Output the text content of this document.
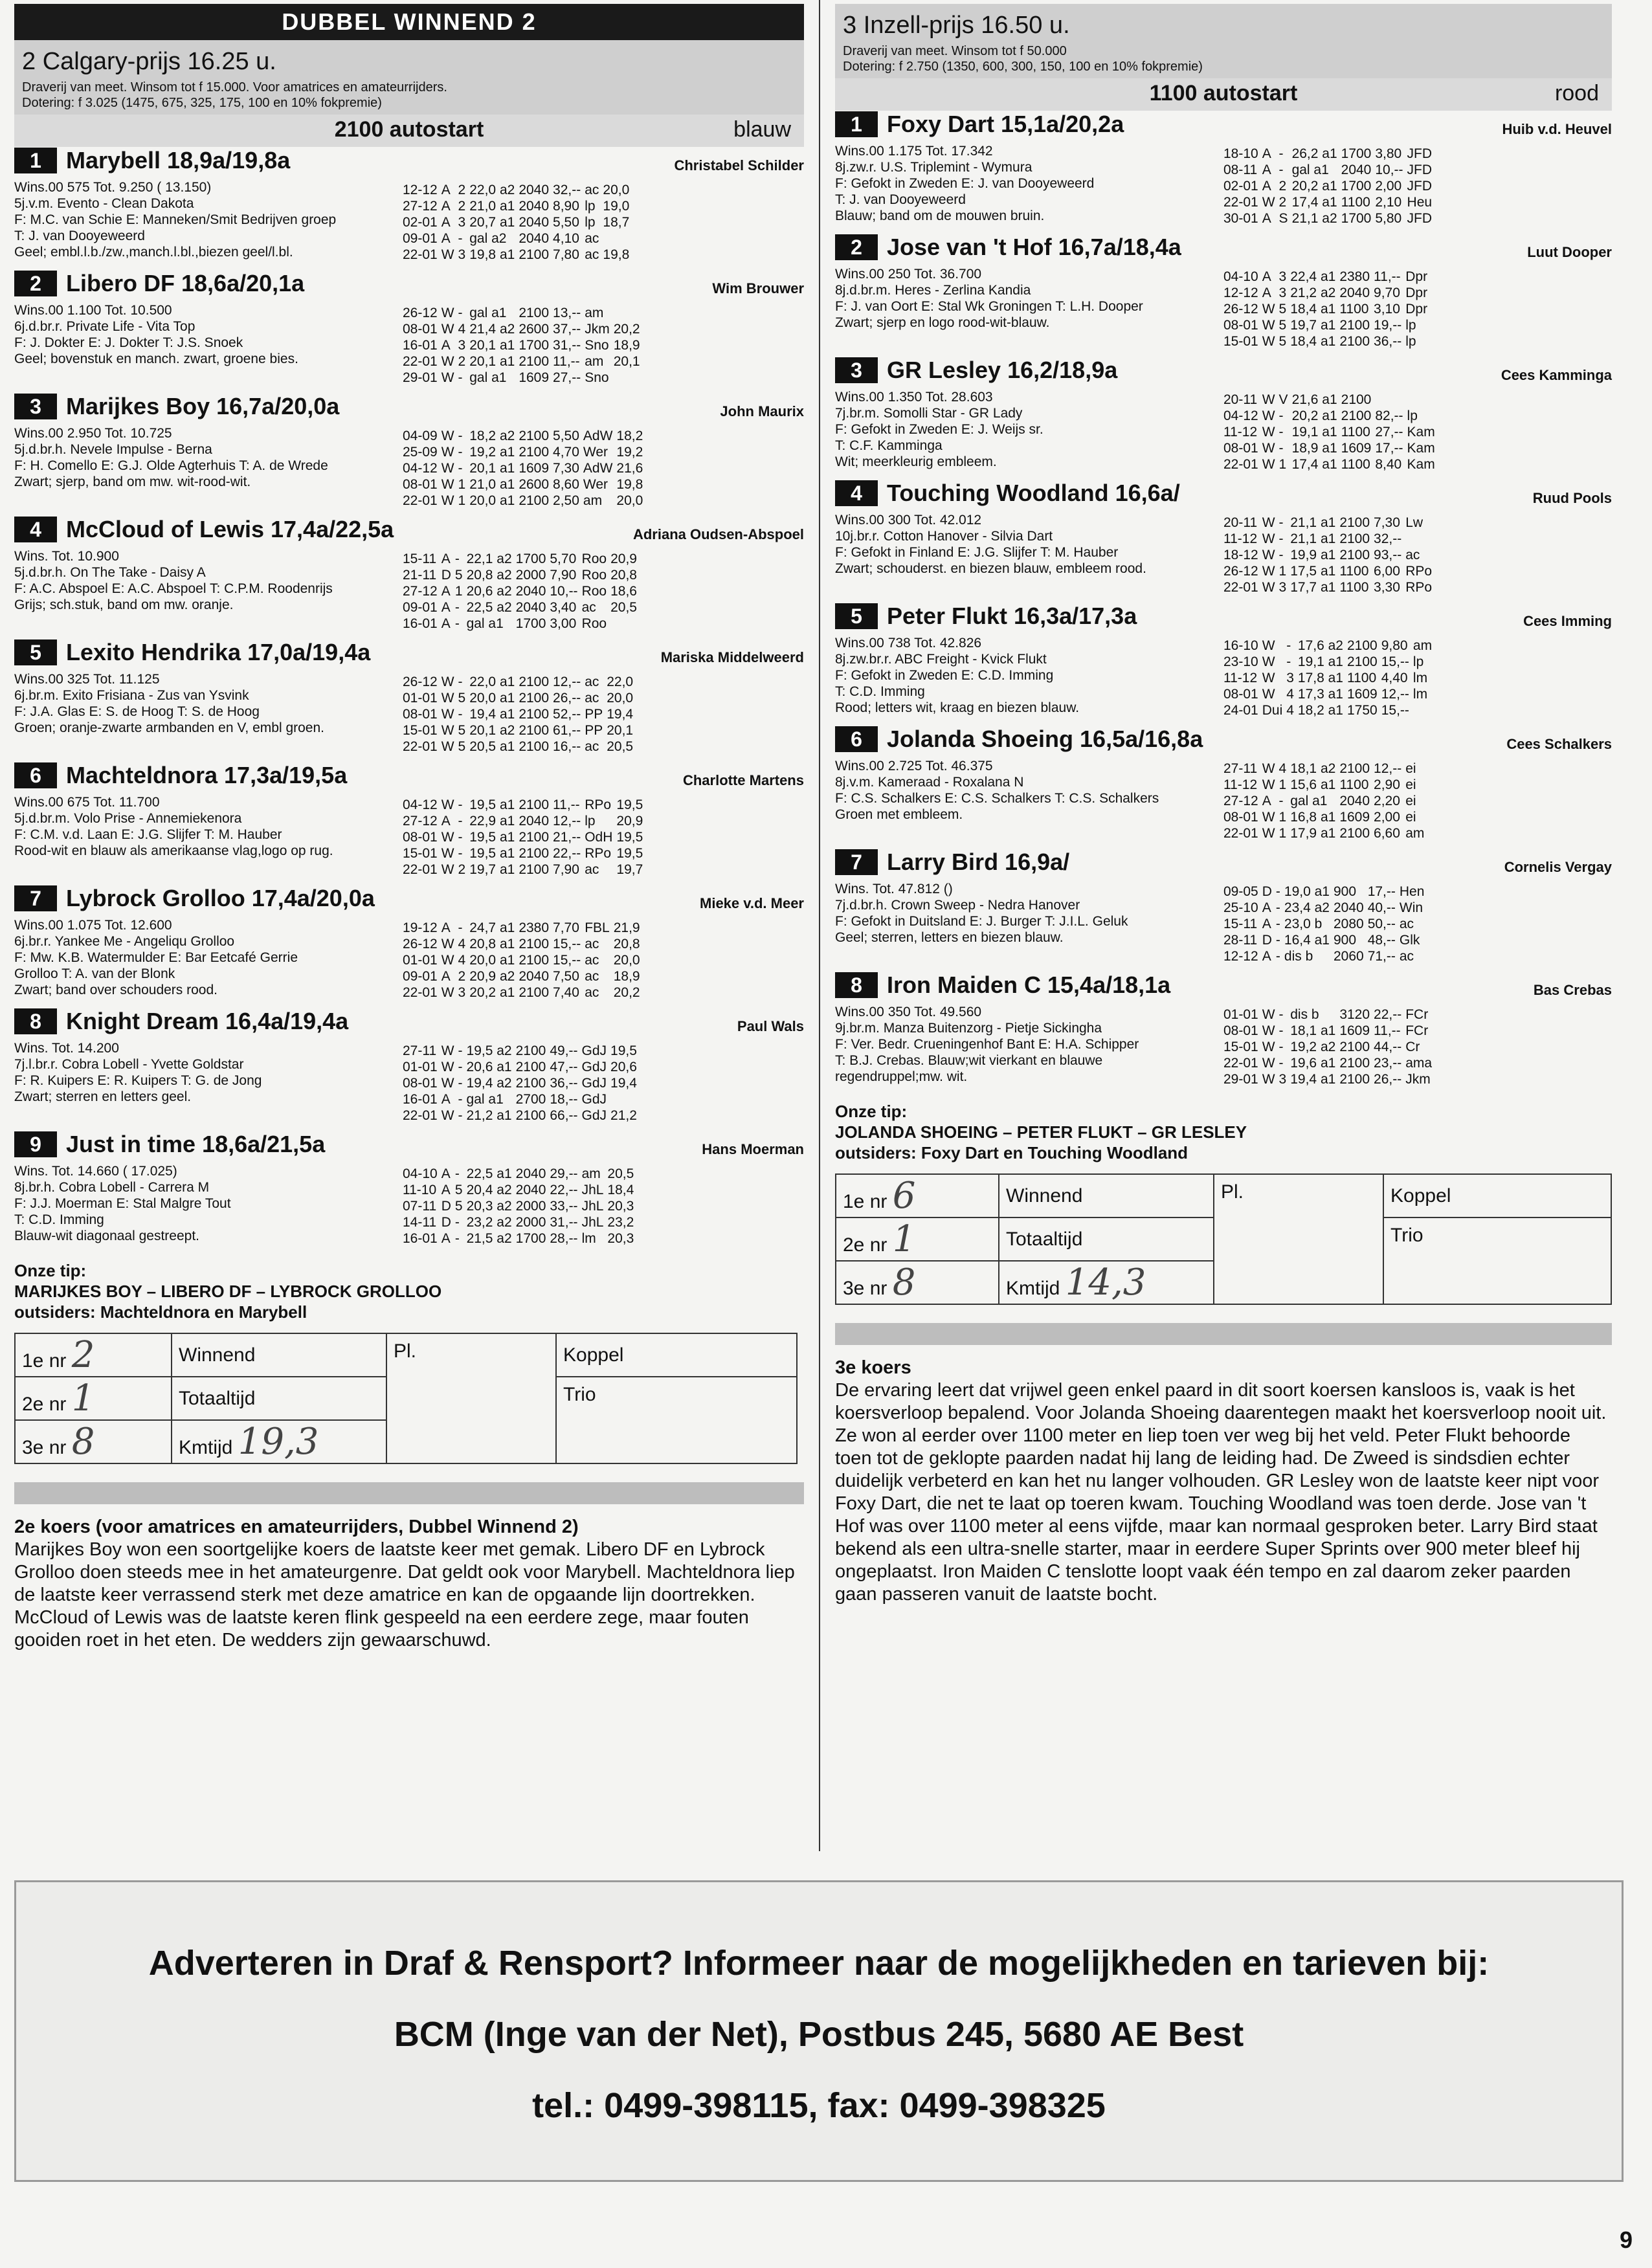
DUBBEL WINNEND 2
2 Calgary-prijs 16.25 u.
Draverij van meet. Winsom tot f 15.000. Voor amatrices en amateurrijders.
Dotering: f 3.025 (1475, 675, 325, 175, 100 en 10% fokpremie)
2100 autostart	blauw
1 Marybell 18,9a/19,8a	Christabel Schilder
Wins.00 575 Tot. 9.250 ( 13.150)
5j.v.m. Evento - Clean Dakota
F: M.C. van Schie E: Manneken/Smit Bedrijven groep
T: J. van Dooyeweerd
Geel; embl.l.b./zw.,manch.l.bl.,biezen geel/l.bl.
12-12	A	2	22,0 a2	2040	32,--	ac	20,0
27-12	A	2	21,0 a1	2040	8,90	lp	19,0
02-01	A	3	20,7 a1	2040	5,50	lp	18,7
09-01	A	-	gal a2	2040	4,10	ac	
22-01	W	3	19,8 a1	2100	7,80	ac	19,8
2 Libero DF 18,6a/20,1a	Wim Brouwer
Wins.00 1.100 Tot. 10.500
6j.d.br.r. Private Life - Vita Top
F: J. Dokter E: J. Dokter T: J.S. Snoek
Geel; bovenstuk en manch. zwart, groene bies.
26-12	W	-	gal a1	2100	13,--	am	
08-01	W	4	21,4 a2	2600	37,--	Jkm	20,2
16-01	A	3	20,1 a1	1700	31,--	Sno	18,9
22-01	W	2	20,1 a1	2100	11,--	am	20,1
29-01	W	-	gal a1	1609	27,--	Sno	
3 Marijkes Boy 16,7a/20,0a	John Maurix
Wins.00 2.950 Tot. 10.725
5j.d.br.h. Nevele Impulse - Berna
F: H. Comello E: G.J. Olde Agterhuis T: A. de Wrede
Zwart; sjerp, band om mw. wit-rood-wit.
04-09	W	-	18,2 a2	2100	5,50	AdW	18,2
25-09	W	-	19,2 a1	2100	4,70	Wer	19,2
04-12	W	-	20,1 a1	1609	7,30	AdW	21,6
08-01	W	1	21,0 a1	2600	8,60	Wer	19,8
22-01	W	1	20,0 a1	2100	2,50	am	20,0
4 McCloud of Lewis 17,4a/22,5a	Adriana Oudsen-Abspoel
Wins. Tot. 10.900
5j.d.br.h. On The Take - Daisy A
F: A.C. Abspoel E: A.C. Abspoel T: C.P.M. Roodenrijs
Grijs; sch.stuk, band om mw. oranje.
15-11	A	-	22,1 a2	1700	5,70	Roo	20,9
21-11	D	5	20,8 a2	2000	7,90	Roo	20,8
27-12	A	1	20,6 a2	2040	10,--	Roo	18,6
09-01	A	-	22,5 a2	2040	3,40	ac	20,5
16-01	A	-	gal a1	1700	3,00	Roo	
5 Lexito Hendrika 17,0a/19,4a	Mariska Middelweerd
Wins.00 325 Tot. 11.125
6j.br.m. Exito Frisiana - Zus van Ysvink
F: J.A. Glas E: S. de Hoog T: S. de Hoog
Groen; oranje-zwarte armbanden en V, embl groen.
26-12	W	-	22,0 a1	2100	12,--	ac	22,0
01-01	W	5	20,0 a1	2100	26,--	ac	20,0
08-01	W	-	19,4 a1	2100	52,--	PP	19,4
15-01	W	5	20,1 a2	2100	61,--	PP	20,1
22-01	W	5	20,5 a1	2100	16,--	ac	20,5
6 Machteldnora 17,3a/19,5a	Charlotte Martens
Wins.00 675 Tot. 11.700
5j.d.br.m. Volo Prise - Annemiekenora
F: C.M. v.d. Laan E: J.G. Slijfer T: M. Hauber
Rood-wit en blauw als amerikaanse vlag,logo op rug.
04-12	W	-	19,5 a1	2100	11,--	RPo	19,5
27-12	A	-	22,9 a1	2040	12,--	lp	20,9
08-01	W	-	19,5 a1	2100	21,--	OdH	19,5
15-01	W	-	19,5 a1	2100	22,--	RPo	19,5
22-01	W	2	19,7 a1	2100	7,90	ac	19,7
7 Lybrock Grolloo 17,4a/20,0a	Mieke v.d. Meer
Wins.00 1.075 Tot. 12.600
6j.br.r. Yankee Me - Angeliqu Grolloo
F: Mw. K.B. Watermulder E: Bar Eetcafé Gerrie
Grolloo T: A. van der Blonk
Zwart; band over schouders rood.
19-12	A	-	24,7 a1	2380	7,70	FBL	21,9
26-12	W	4	20,8 a1	2100	15,--	ac	20,8
01-01	W	4	20,0 a1	2100	15,--	ac	20,0
09-01	A	2	20,9 a2	2040	7,50	ac	18,9
22-01	W	3	20,2 a1	2100	7,40	ac	20,2
8 Knight Dream 16,4a/19,4a	Paul Wals
Wins. Tot. 14.200
7j.l.br.r. Cobra Lobell - Yvette Goldstar
F: R. Kuipers E: R. Kuipers T: G. de Jong
Zwart; sterren en letters geel.
27-11	W	-	19,5 a2	2100	49,--	GdJ	19,5
01-01	W	-	20,6 a1	2100	47,--	GdJ	20,6
08-01	W	-	19,4 a2	2100	36,--	GdJ	19,4
16-01	A	-	gal a1	2700	18,--	GdJ	
22-01	W	-	21,2 a1	2100	66,--	GdJ	21,2
9 Just in time 18,6a/21,5a	Hans Moerman
Wins. Tot. 14.660 ( 17.025)
8j.br.h. Cobra Lobell - Carrera M
F: J.J. Moerman E: Stal Malgre Tout
T: C.D. Imming
Blauw-wit diagonaal gestreept.
04-10	A	-	22,5 a1	2040	29,--	am	20,5
11-10	A	5	20,4 a2	2040	22,--	JhL	18,4
07-11	D	5	20,3 a2	2000	33,--	JhL	20,3
14-11	D	-	23,2 a2	2000	31,--	JhL	23,2
16-01	A	-	21,5 a2	1700	28,--	lm	20,3
Onze tip:
MARIJKES BOY – LIBERO DF – LYBROCK GROLLOO
outsiders: Machteldnora en Marybell
1e nr 2	Winnend	Pl.	Koppel
2e nr 1	Totaaltijd		Trio
3e nr 8	Kmtijd 19,3		
2e koers (voor amatrices en amateurrijders, Dubbel Winnend 2)
Marijkes Boy won een soortgelijke koers de laatste keer met gemak. Libero DF en Lybrock Grolloo doen steeds mee in het amateurgenre. Dat geldt ook voor Marybell. Machteldnora liep de laatste keer verrassend sterk met deze amatrice en kan de opgaande lijn doortrekken. McCloud of Lewis was de laatste keren flink gespeeld na een eerdere zege, maar fouten gooiden roet in het eten. De wedders zijn gewaarschuwd.
3 Inzell-prijs 16.50 u.
Draverij van meet. Winsom tot f 50.000
Dotering: f 2.750 (1350, 600, 300, 150, 100 en 10% fokpremie)
1100 autostart	rood
1 Foxy Dart 15,1a/20,2a	Huib v.d. Heuvel
Wins.00 1.175 Tot. 17.342
8j.zw.r. U.S. Triplemint - Wymura
F: Gefokt in Zweden E: J. van Dooyeweerd
T: J. van Dooyeweerd
Blauw; band om de mouwen bruin.
18-10	A	-	26,2 a1	1700	3,80	JFD
08-11	A	-	gal a1	2040	10,--	JFD
02-01	A	2	20,2 a1	1700	2,00	JFD
22-01	W	2	17,4 a1	1100	2,10	Heu
30-01	A	S	21,1 a2	1700	5,80	JFD
2 Jose van 't Hof 16,7a/18,4a	Luut Dooper
Wins.00 250 Tot. 36.700
8j.d.br.m. Heres - Zerlina Kandia
F: J. van Oort E: Stal Wk Groningen T: L.H. Dooper
Zwart; sjerp en logo rood-wit-blauw.
04-10	A	3	22,4 a1	2380	11,--	Dpr
12-12	A	3	21,2 a2	2040	9,70	Dpr
26-12	W	5	18,4 a1	1100	3,10	Dpr
08-01	W	5	19,7 a1	2100	19,--	lp
15-01	W	5	18,4 a1	2100	36,--	lp
3 GR Lesley 16,2/18,9a	Cees Kamminga
Wins.00 1.350 Tot. 28.603
7j.br.m. Somolli Star - GR Lady
F: Gefokt in Zweden E: J. Weijs sr.
T: C.F. Kamminga
Wit; meerkleurig embleem.
20-11	W	V	21,6 a1	2100		
04-12	W	-	20,2 a1	2100	82,--	lp
11-12	W	-	19,1 a1	1100	27,--	Kam
08-01	W	-	18,9 a1	1609	17,--	Kam
22-01	W	1	17,4 a1	1100	8,40	Kam
4 Touching Woodland 16,6a/	Ruud Pools
Wins.00 300 Tot. 42.012
10j.br.r. Cotton Hanover - Silvia Dart
F: Gefokt in Finland E: J.G. Slijfer T: M. Hauber
Zwart; schouderst. en biezen blauw, embleem rood.
20-11	W	-	21,1 a1	2100	7,30	Lw
11-12	W	-	21,1 a1	2100	32,--	
18-12	W	-	19,9 a1	2100	93,--	ac
26-12	W	1	17,5 a1	1100	6,00	RPo
22-01	W	3	17,7 a1	1100	3,30	RPo
5 Peter Flukt 16,3a/17,3a	Cees Imming
Wins.00 738 Tot. 42.826
8j.zw.br.r. ABC Freight - Kvick Flukt
F: Gefokt in Zweden E: C.D. Imming
T: C.D. Imming
Rood; letters wit, kraag en biezen blauw.
16-10	W	-	17,6 a2	2100	9,80	am
23-10	W	-	19,1 a1	2100	15,--	lp
11-12	W	3	17,8 a1	1100	4,40	lm
08-01	W	4	17,3 a1	1609	12,--	lm
24-01	Dui	4	18,2 a1	1750	15,--	
6 Jolanda Shoeing 16,5a/16,8a	Cees Schalkers
Wins.00 2.725 Tot. 46.375
8j.v.m. Kameraad - Roxalana N
F: C.S. Schalkers E: C.S. Schalkers T: C.S. Schalkers
Groen met embleem.
27-11	W	4	18,1 a2	2100	12,--	ei
11-12	W	1	15,6 a1	1100	2,90	ei
27-12	A	-	gal a1	2040	2,20	ei
08-01	W	1	16,8 a1	1609	2,00	ei
22-01	W	1	17,9 a1	2100	6,60	am
7 Larry Bird 16,9a/	Cornelis Vergay
Wins. Tot. 47.812 ()
7j.d.br.h. Crown Sweep - Nedra Hanover
F: Gefokt in Duitsland E: J. Burger T: J.I.L. Geluk
Geel; sterren, letters en biezen blauw.
09-05	D	-	19,0 a1	900	17,--	Hen
25-10	A	-	23,4 a2	2040	40,--	Win
15-11	A	-	23,0 b	2080	50,--	ac
28-11	D	-	16,4 a1	900	48,--	Glk
12-12	A	-	dis b	2060	71,--	ac
8 Iron Maiden C 15,4a/18,1a	Bas Crebas
Wins.00 350 Tot. 49.560
9j.br.m. Manza Buitenzorg - Pietje Sickingha
F: Ver. Bedr. Crueningenhof Bant E: H.A. Schipper
T: B.J. Crebas. Blauw;wit vierkant en blauwe
regendruppel;mw. wit.
01-01	W	-	dis b	3120	22,--	FCr
08-01	W	-	18,1 a1	1609	11,--	FCr
15-01	W	-	19,2 a2	2100	44,--	Cr
22-01	W	-	19,6 a1	2100	23,--	ama
29-01	W	3	19,4 a1	2100	26,--	Jkm
Onze tip:
JOLANDA SHOEING – PETER FLUKT – GR LESLEY
outsiders: Foxy Dart en Touching Woodland
1e nr 6	Winnend	Pl.	Koppel
2e nr 1	Totaaltijd		Trio
3e nr 8	Kmtijd 14,3		
3e koers
De ervaring leert dat vrijwel geen enkel paard in dit soort koersen kansloos is, vaak is het koersverloop bepalend. Voor Jolanda Shoeing daarentegen maakt het koersverloop nooit uit. Ze won al eerder over 1100 meter en liep toen ver weg bij het veld. Peter Flukt behoorde toen tot de geklopte paarden nadat hij lang de leiding had. De Zweed is sindsdien echter duidelijk verbeterd en kan het nu langer volhouden. GR Lesley won de laatste keer nipt voor Foxy Dart, die net te laat op toeren kwam. Touching Woodland was toen derde. Jose van 't Hof was over 1100 meter al eens vijfde, maar kan normaal gesproken beter. Larry Bird staat bekend als een ultra-snelle starter, maar in eerdere Super Sprints over 900 meter bleef hij ongeplaatst. Iron Maiden C tenslotte loopt vaak één tempo en zal daarom zeker paarden gaan passeren vanuit de laatste bocht.
Adverteren in Draf & Rensport? Informeer naar de mogelijkheden en tarieven bij:
BCM (Inge van der Net), Postbus 245, 5680 AE Best
tel.: 0499-398115, fax: 0499-398325
9
